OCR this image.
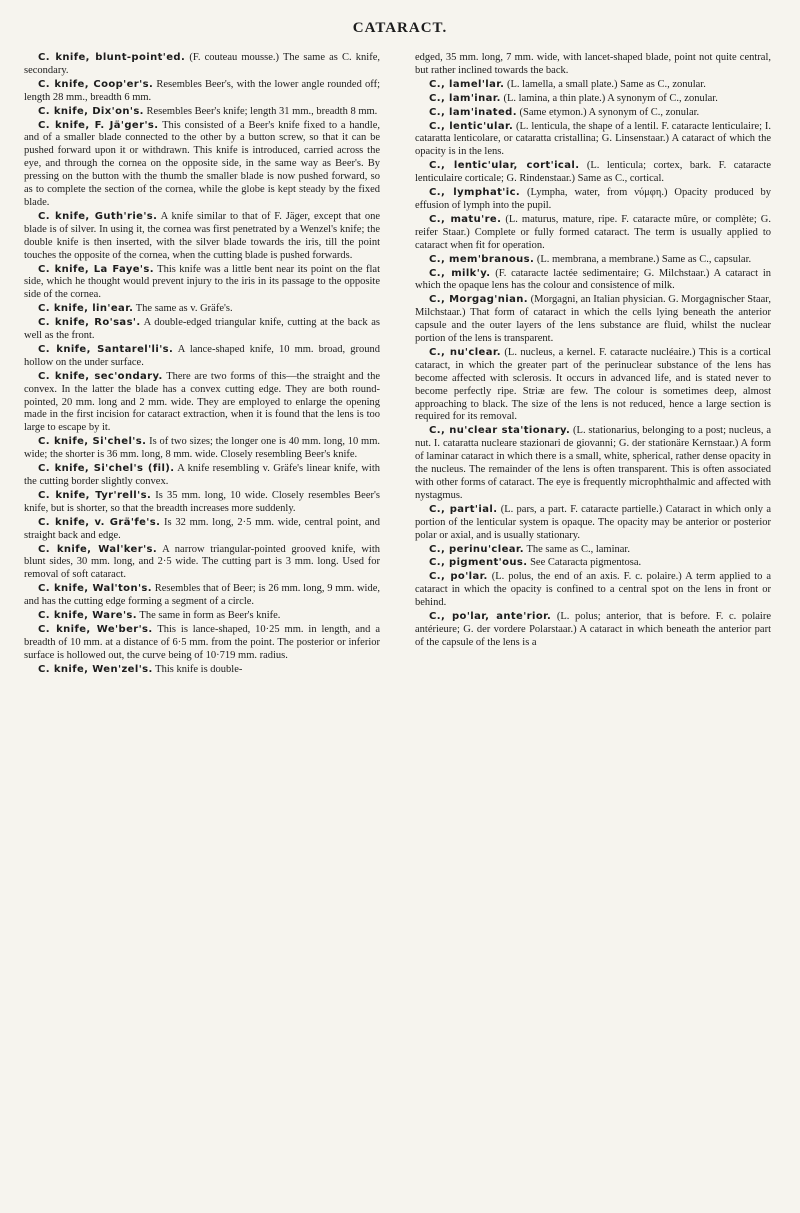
CATARACT.

C. knife, blunt-point'ed. (F. couteau mousse.) The same as C. knife, secondary.

C. knife, Coop'er's. Resembles Beer's, with the lower angle rounded off; length 28 mm., breadth 6 mm.

C. knife, Dix'on's. Resembles Beer's knife; length 31 mm., breadth 8 mm.

C. knife, F. Jä'ger's. This consisted of a Beer's knife fixed to a handle, and of a smaller blade connected to the other by a button screw, so that it can be pushed forward upon it or withdrawn. This knife is introduced, carried across the eye, and through the cornea on the opposite side, in the same way as Beer's. By pressing on the button with the thumb the smaller blade is now pushed forward, so as to complete the section of the cornea, while the globe is kept steady by the fixed blade.

C. knife, Guth'rie's. A knife similar to that of F. Jäger, except that one blade is of silver. In using it, the cornea was first penetrated by a Wenzel's knife; the double knife is then inserted, with the silver blade towards the iris, till the point touches the opposite of the cornea, when the cutting blade is pushed forwards.

C. knife, La Faye's. This knife was a little bent near its point on the flat side, which he thought would prevent injury to the iris in its passage to the opposite side of the cornea.

C. knife, lin'ear. The same as v. Gräfe's.

C. knife, Ro'sas'. A double-edged triangular knife, cutting at the back as well as the front.

C. knife, Santarel'li's. A lance-shaped knife, 10 mm. broad, ground hollow on the under surface.

C. knife, sec'ondary. There are two forms of this—the straight and the convex. In the latter the blade has a convex cutting edge. They are both round-pointed, 20 mm. long and 2 mm. wide. They are employed to enlarge the opening made in the first incision for cataract extraction, when it is found that the lens is too large to escape by it.

C. knife, Si'chel's. Is of two sizes; the longer one is 40 mm. long, 10 mm. wide; the shorter is 36 mm. long, 8 mm. wide. Closely resembling Beer's knife.

C. knife, Si'chel's (fil). A knife resembling v. Gräfe's linear knife, with the cutting border slightly convex.

C. knife, Tyr'rell's. Is 35 mm. long, 10 wide. Closely resembles Beer's knife, but is shorter, so that the breadth increases more suddenly.

C. knife, v. Grä'fe's. Is 32 mm. long, 2·5 mm. wide, central point, and straight back and edge.

C. knife, Wal'ker's. A narrow triangular-pointed grooved knife, with blunt sides, 30 mm. long, and 2·5 wide. The cutting part is 3 mm. long. Used for removal of soft cataract.

C. knife, Wal'ton's. Resembles that of Beer; is 26 mm. long, 9 mm. wide, and has the cutting edge forming a segment of a circle.

C. knife, Ware's. The same in form as Beer's knife.

C. knife, We'ber's. This is lance-shaped, 10·25 mm. in length, and a breadth of 10 mm. at a distance of 6·5 mm. from the point. The posterior or inferior surface is hollowed out, the curve being of 10·719 mm. radius.

C. knife, Wen'zel's. This knife is double-

edged, 35 mm. long, 7 mm. wide, with lancet-shaped blade, point not quite central, but rather inclined towards the back.

C., lamel'lar. (L. lamella, a small plate.) Same as C., zonular.

C., lam'inar. (L. lamina, a thin plate.) A synonym of C., zonular.

C., lam'inated. (Same etymon.) A synonym of C., zonular.

C., lentic'ular. (L. lenticula, the shape of a lentil. F. cataracte lenticulaire; I. cataratta lenticolare, or cataratta cristallina; G. Linsenstaar.) A cataract of which the opacity is in the lens.

C., lentic'ular, cort'ical. (L. lenticula; cortex, bark. F. cataracte lenticulaire corticale; G. Rindenstaar.) Same as C., cortical.

C., lymphat'ic. (Lympha, water, from νύμφη.) Opacity produced by effusion of lymph into the pupil.

C., matu're. (L. maturus, mature, ripe. F. cataracte mûre, or complète; G. reifer Staar.) Complete or fully formed cataract. The term is usually applied to cataract when fit for operation.

C., mem'branous. (L. membrana, a membrane.) Same as C., capsular.

C., milk'y. (F. cataracte lactée sedimentaire; G. Milchstaar.) A cataract in which the opaque lens has the colour and consistence of milk.

C., Morgag'nian. (Morgagni, an Italian physician. G. Morgagnischer Staar, Milchstaar.) That form of cataract in which the cells lying beneath the anterior capsule and the outer layers of the lens substance are fluid, whilst the nuclear portion of the lens is transparent.

C., nu'clear. (L. nucleus, a kernel. F. cataracte nucléaire.) This is a cortical cataract, in which the greater part of the perinuclear substance of the lens has become affected with sclerosis. It occurs in advanced life, and is stated never to become perfectly ripe. Striæ are few. The colour is sometimes deep, almost approaching to black. The size of the lens is not reduced, hence a large section is required for its removal.

C., nu'clear sta'tionary. (L. stationarius, belonging to a post; nucleus, a nut. I. cataratta nucleare stazionari de giovanni; G. der stationäre Kernstaar.) A form of laminar cataract in which there is a small, white, spherical, rather dense opacity in the nucleus. The remainder of the lens is often transparent. This is often associated with other forms of cataract. The eye is frequently microphthalmic and affected with nystagmus.

C., part'ial. (L. pars, a part. F. cataracte partielle.) Cataract in which only a portion of the lenticular system is opaque. The opacity may be anterior or posterior polar or axial, and is usually stationary.

C., perinu'clear. The same as C., laminar.

C., pigment'ous. See Cataracta pigmentosa.

C., po'lar. (L. polus, the end of an axis. F. c. polaire.) A term applied to a cataract in which the opacity is confined to a central spot on the lens in front or behind.

C., po'lar, ante'rior. (L. polus; anterior, that is before. F. c. polaire antérieure; G. der vordere Polarstaar.) A cataract in which beneath the anterior part of the capsule of the lens is a
